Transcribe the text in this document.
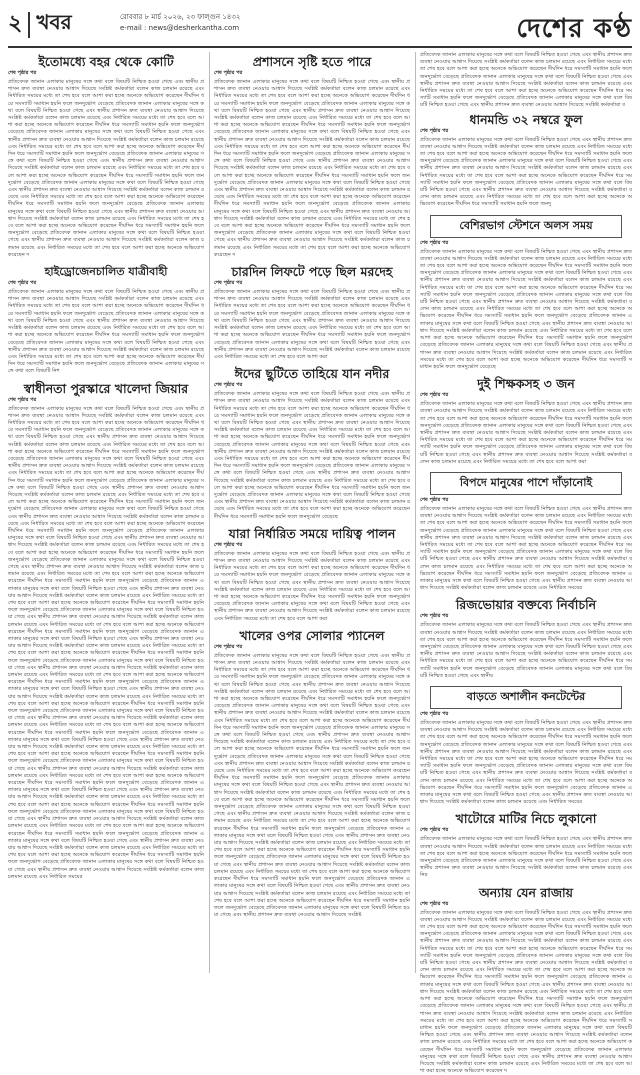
২ খবর	রোববার ৮ মার্চ ২০২৬, ২৩ ফাল্গুন ১৪৩২
e-mail : news@desherkantha.com	দেশের কণ্ঠ
ইতোমধ্যে বহর থেকে কোটি
শেষ পৃষ্ঠার পর
প্রতিবেদক জানান এলাকার মানুষের সঙ্গে কথা বলে বিষয়টি নিশ্চিত হওয়া গেছে এবং স্থানীয় প্রশাসন দ্রুত ব্যবস্থা নেওয়ার আশ্বাস দিয়েছে সংশ্লিষ্ট কর্মকর্তারা বলেন কাজ চলমান রয়েছে এবং নির্ধারিত সময়ের মধ্যে তা শেষ হবে বলে আশা করা হচ্ছে অনেকে অভিযোগ করেছেন দীর্ঘদিন ধরে সমস্যাটি সমাধান হয়নি ফলে জনদুর্ভোগ বেড়েছে প্রতিবেদক জানান এলাকার মানুষের সঙ্গে কথা বলে বিষয়টি নিশ্চিত হওয়া গেছে এবং স্থানীয় প্রশাসন দ্রুত ব্যবস্থা নেওয়ার আশ্বাস দিয়েছে সংশ্লিষ্ট কর্মকর্তারা বলেন কাজ চলমান রয়েছে এবং নির্ধারিত সময়ের মধ্যে তা শেষ হবে বলে আশা করা হচ্ছে অনেকে অভিযোগ করেছেন দীর্ঘদিন ধরে সমস্যাটি সমাধান হয়নি ফলে জনদুর্ভোগ বেড়েছে প্রতিবেদক জানান এলাকার মানুষের সঙ্গে কথা বলে বিষয়টি নিশ্চিত হওয়া গেছে এবং স্থানীয় প্রশাসন দ্রুত ব্যবস্থা নেওয়ার আশ্বাস দিয়েছে সংশ্লিষ্ট কর্মকর্তারা বলেন কাজ চলমান রয়েছে এবং নির্ধারিত সময়ের মধ্যে তা শেষ হবে বলে আশা করা হচ্ছে অনেকে অভিযোগ করেছেন দীর্ঘদিন ধরে সমস্যাটি সমাধান হয়নি ফলে জনদুর্ভোগ বেড়েছে প্রতিবেদক জানান এলাকার মানুষের সঙ্গে কথা বলে বিষয়টি নিশ্চিত হওয়া গেছে এবং স্থানীয় প্রশাসন দ্রুত ব্যবস্থা নেওয়ার আশ্বাস দিয়েছে সংশ্লিষ্ট কর্মকর্তারা বলেন কাজ চলমান রয়েছে এবং নির্ধারিত সময়ের মধ্যে তা শেষ হবে বলে আশা করা হচ্ছে অনেকে অভিযোগ করেছেন দীর্ঘদিন ধরে সমস্যাটি সমাধান হয়নি ফলে জনদুর্ভোগ বেড়েছে প্রতিবেদক জানান এলাকার মানুষের সঙ্গে কথা বলে বিষয়টি নিশ্চিত হওয়া গেছে এবং স্থানীয় প্রশাসন দ্রুত ব্যবস্থা নেওয়ার আশ্বাস দিয়েছে সংশ্লিষ্ট কর্মকর্তারা বলেন কাজ চলমান রয়েছে এবং নির্ধারিত সময়ের মধ্যে তা শেষ হবে বলে আশা করা হচ্ছে অনেকে অভিযোগ করেছেন দীর্ঘদিন ধরে সমস্যাটি সমাধান হয়নি ফলে জনদুর্ভোগ বেড়েছে প্রতিবেদক জানান এলাকার মানুষের সঙ্গে কথা বলে বিষয়টি নিশ্চিত হওয়া গেছে এবং স্থানীয় প্রশাসন দ্রুত ব্যবস্থা নেওয়ার আশ্বাস দিয়েছে সংশ্লিষ্ট কর্মকর্তারা বলেন কাজ চলমান রয়েছে এবং নির্ধারিত সময়ের মধ্যে তা শেষ হবে বলে আশা করা হচ্ছে অনেকে অভিযোগ করেছেন দীর্ঘদিন ধরে সমস্যাটি সমাধান হয়নি ফলে জনদুর্ভোগ বেড়েছে প্রতিবেদক জানান এলাকার মানুষের সঙ্গে কথা বলে বিষয়টি নিশ্চিত হওয়া গেছে এবং স্থানীয় প্রশাসন দ্রুত ব্যবস্থা নেওয়ার আশ্বাস দিয়েছে সংশ্লিষ্ট কর্মকর্তারা বলেন কাজ চলমান রয়েছে এবং নির্ধারিত সময়ের মধ্যে তা শেষ হবে বলে আশা করা হচ্ছে অনেকে অভিযোগ করেছেন দ
হাইড্রোজেনচালিত যাত্রীবাহী
শেষ পৃষ্ঠার পর
প্রতিবেদক জানান এলাকার মানুষের সঙ্গে কথা বলে বিষয়টি নিশ্চিত হওয়া গেছে এবং স্থানীয় প্রশাসন দ্রুত ব্যবস্থা নেওয়ার আশ্বাস দিয়েছে সংশ্লিষ্ট কর্মকর্তারা বলেন কাজ চলমান রয়েছে এবং নির্ধারিত সময়ের মধ্যে তা শেষ হবে বলে আশা করা হচ্ছে অনেকে অভিযোগ করেছেন দীর্ঘদিন ধরে সমস্যাটি সমাধান হয়নি ফলে জনদুর্ভোগ বেড়েছে প্রতিবেদক জানান এলাকার মানুষের সঙ্গে কথা বলে বিষয়টি নিশ্চিত হওয়া গেছে এবং স্থানীয় প্রশাসন দ্রুত ব্যবস্থা নেওয়ার আশ্বাস দিয়েছে সংশ্লিষ্ট কর্মকর্তারা বলেন কাজ চলমান রয়েছে এবং নির্ধারিত সময়ের মধ্যে তা শেষ হবে বলে আশা করা হচ্ছে অনেকে অভিযোগ করেছেন দীর্ঘদিন ধরে সমস্যাটি সমাধান হয়নি ফলে জনদুর্ভোগ বেড়েছে প্রতিবেদক জানান এলাকার মানুষের সঙ্গে কথা বলে বিষয়টি নিশ্চিত হওয়া গেছে এবং স্থানীয় প্রশাসন দ্রুত ব্যবস্থা নেওয়ার আশ্বাস দিয়েছে সংশ্লিষ্ট কর্মকর্তারা বলেন কাজ চলমান রয়েছে এবং নির্ধারিত সময়ের মধ্যে তা শেষ হবে বলে আশা করা হচ্ছে অনেকে অভিযোগ করেছেন দীর্ঘদিন ধরে সমস্যাটি সমাধান হয়নি ফলে জনদুর্ভোগ বেড়েছে প্রতিবেদক জানান এলাকার মানুষের সঙ্গে কথা বলে বিষয়টি নিশ
স্বাধীনতা পুরস্কারে খালেদা জিয়ার
শেষ পৃষ্ঠার পর
প্রতিবেদক জানান এলাকার মানুষের সঙ্গে কথা বলে বিষয়টি নিশ্চিত হওয়া গেছে এবং স্থানীয় প্রশাসন দ্রুত ব্যবস্থা নেওয়ার আশ্বাস দিয়েছে সংশ্লিষ্ট কর্মকর্তারা বলেন কাজ চলমান রয়েছে এবং নির্ধারিত সময়ের মধ্যে তা শেষ হবে বলে আশা করা হচ্ছে অনেকে অভিযোগ করেছেন দীর্ঘদিন ধরে সমস্যাটি সমাধান হয়নি ফলে জনদুর্ভোগ বেড়েছে প্রতিবেদক জানান এলাকার মানুষের সঙ্গে কথা বলে বিষয়টি নিশ্চিত হওয়া গেছে এবং স্থানীয় প্রশাসন দ্রুত ব্যবস্থা নেওয়ার আশ্বাস দিয়েছে সংশ্লিষ্ট কর্মকর্তারা বলেন কাজ চলমান রয়েছে এবং নির্ধারিত সময়ের মধ্যে তা শেষ হবে বলে আশা করা হচ্ছে অনেকে অভিযোগ করেছেন দীর্ঘদিন ধরে সমস্যাটি সমাধান হয়নি ফলে জনদুর্ভোগ বেড়েছে প্রতিবেদক জানান এলাকার মানুষের সঙ্গে কথা বলে বিষয়টি নিশ্চিত হওয়া গেছে এবং স্থানীয় প্রশাসন দ্রুত ব্যবস্থা নেওয়ার আশ্বাস দিয়েছে সংশ্লিষ্ট কর্মকর্তারা বলেন কাজ চলমান রয়েছে এবং নির্ধারিত সময়ের মধ্যে তা শেষ হবে বলে আশা করা হচ্ছে অনেকে অভিযোগ করেছেন দীর্ঘদিন ধরে সমস্যাটি সমাধান হয়নি ফলে জনদুর্ভোগ বেড়েছে প্রতিবেদক জানান এলাকার মানুষের সঙ্গে কথা বলে বিষয়টি নিশ্চিত হওয়া গেছে এবং স্থানীয় প্রশাসন দ্রুত ব্যবস্থা নেওয়ার আশ্বাস দিয়েছে সংশ্লিষ্ট কর্মকর্তারা বলেন কাজ চলমান রয়েছে এবং নির্ধারিত সময়ের মধ্যে তা শেষ হবে বলে আশা করা হচ্ছে অনেকে অভিযোগ করেছেন দীর্ঘদিন ধরে সমস্যাটি সমাধান হয়নি ফলে জনদুর্ভোগ বেড়েছে প্রতিবেদক জানান এলাকার মানুষের সঙ্গে কথা বলে বিষয়টি নিশ্চিত হওয়া গেছে এবং স্থানীয় প্রশাসন দ্রুত ব্যবস্থা নেওয়ার আশ্বাস দিয়েছে সংশ্লিষ্ট কর্মকর্তারা বলেন কাজ চলমান রয়েছে এবং নির্ধারিত সময়ের মধ্যে তা শেষ হবে বলে আশা করা হচ্ছে অনেকে অভিযোগ করেছেন দীর্ঘদিন ধরে সমস্যাটি সমাধান হয়নি ফলে জনদুর্ভোগ বেড়েছে প্রতিবেদক জানান এলাকার মানুষের সঙ্গে কথা বলে বিষয়টি নিশ্চিত হওয়া গেছে এবং স্থানীয় প্রশাসন দ্রুত ব্যবস্থা নেওয়ার আশ্বাস দিয়েছে সংশ্লিষ্ট কর্মকর্তারা বলেন কাজ চলমান রয়েছে এবং নির্ধারিত সময়ের মধ্যে তা শেষ হবে বলে আশা করা হচ্ছে অনেকে অভিযোগ করেছেন দীর্ঘদিন ধরে সমস্যাটি সমাধান হয়নি ফলে জনদুর্ভোগ বেড়েছে প্রতিবেদক জানান এলাকার মানুষের সঙ্গে কথা বলে বিষয়টি নিশ্চিত হওয়া গেছে এবং স্থানীয় প্রশাসন দ্রুত ব্যবস্থা নেওয়ার আশ্বাস দিয়েছে সংশ্লিষ্ট কর্মকর্তারা বলেন কাজ চলমান রয়েছে এবং নির্ধারিত সময়ের মধ্যে তা শেষ হবে বলে আশা করা হচ্ছে অনেকে অভিযোগ করেছেন দীর্ঘদিন ধরে সমস্যাটি সমাধান হয়নি ফলে জনদুর্ভোগ বেড়েছে প্রতিবেদক জানান এলাকার মানুষের সঙ্গে কথা বলে বিষয়টি নিশ্চিত হওয়া গেছে এবং স্থানীয় প্রশাসন দ্রুত ব্যবস্থা নেওয়ার আশ্বাস দিয়েছে সংশ্লিষ্ট কর্মকর্তারা বলেন কাজ চলমান রয়েছে এবং নির্ধারিত সময়ের মধ্যে তা শেষ হবে বলে আশা করা হচ্ছে অনেকে অভিযোগ করেছেন দীর্ঘদিন ধরে সমস্যাটি সমাধান হয়নি ফলে জনদুর্ভোগ বেড়েছে প্রতিবেদক জানান এলাকার মানুষের সঙ্গে কথা বলে বিষয়টি নিশ্চিত হওয়া গেছে এবং স্থানীয় প্রশাসন দ্রুত ব্যবস্থা নেওয়ার আশ্বাস দিয়েছে সংশ্লিষ্ট কর্মকর্তারা বলেন কাজ চলমান রয়েছে এবং নির্ধারিত সময়ের মধ্যে তা শেষ হবে বলে আশা করা হচ্ছে অনেকে অভিযোগ করেছেন দীর্ঘদিন ধরে সমস্যাটি সমাধান হয়নি ফলে জনদুর্ভোগ বেড়েছে প্রতিবেদক জানান এলাকার মানুষের সঙ্গে কথা বলে বিষয়টি নিশ্চিত হওয়া গেছে এবং স্থানীয় প্রশাসন দ্রুত ব্যবস্থা নেওয়ার আশ্বাস দিয়েছে সংশ্লিষ্ট কর্মকর্তারা বলেন কাজ চলমান রয়েছে এবং নির্ধারিত সময়ের মধ্যে তা শেষ হবে বলে আশা করা হচ্ছে অনেকে অভিযোগ করেছেন দীর্ঘদিন ধরে সমস্যাটি সমাধান হয়নি ফলে জনদুর্ভোগ বেড়েছে প্রতিবেদক জানান এলাকার মানুষের সঙ্গে কথা বলে বিষয়টি নিশ্চিত হওয়া গেছে এবং স্থানীয় প্রশাসন দ্রুত ব্যবস্থা নেওয়ার আশ্বাস দিয়েছে সংশ্লিষ্ট কর্মকর্তারা বলেন কাজ চলমান রয়েছে এবং নির্ধারিত সময়ের মধ্যে তা শেষ হবে বলে আশা করা হচ্ছে অনেকে অভিযোগ করেছেন দীর্ঘদিন ধরে সমস্যাটি সমাধান হয়নি ফলে জনদুর্ভোগ বেড়েছে প্রতিবেদক জানান এলাকার মানুষের সঙ্গে কথা বলে বিষয়টি নিশ্চিত হওয়া গেছে এবং স্থানীয় প্রশাসন দ্রুত ব্যবস্থা নেওয়ার আশ্বাস দিয়েছে সংশ্লিষ্ট কর্মকর্তারা বলেন কাজ চলমান রয়েছে এবং নির্ধারিত সময়ের মধ্যে তা শেষ হবে বলে আশা করা হচ্ছে অনেকে অভিযোগ করেছেন দীর্ঘদিন ধরে সমস্যাটি সমাধান হয়নি ফলে জনদুর্ভোগ বেড়েছে প্রতিবেদক জানান এলাকার মানুষের সঙ্গে কথা বলে বিষয়টি নিশ্চিত হওয়া গেছে এবং স্থানীয় প্রশাসন দ্রুত ব্যবস্থা নেওয়ার আশ্বাস দিয়েছে সংশ্লিষ্ট কর্মকর্তারা বলেন কাজ চলমান রয়েছে এবং নির্ধারিত সময়ের মধ্যে তা শেষ হবে বলে আশা করা হচ্ছে অনেকে অভিযোগ করেছেন দীর্ঘদিন ধরে সমস্যাটি সমাধান হয়নি ফলে জনদুর্ভোগ বেড়েছে প্রতিবেদক জানান এলাকার মানুষের সঙ্গে কথা বলে বিষয়টি নিশ্চিত হওয়া গেছে এবং স্থানীয় প্রশাসন দ্রুত ব্যবস্থা নেওয়ার আশ্বাস দিয়েছে সংশ্লিষ্ট কর্মকর্তারা বলেন কাজ চলমান রয়েছে এবং নির্ধারিত সময়ের মধ্যে তা শেষ হবে বলে আশা করা হচ্ছে অনেকে অভিযোগ করেছেন দীর্ঘদিন ধরে সমস্যাটি সমাধান হয়নি ফলে জনদুর্ভোগ বেড়েছে প্রতিবেদক জানান এলাকার মানুষের সঙ্গে কথা বলে বিষয়টি নিশ্চিত হওয়া গেছে এবং স্থানীয় প্রশাসন দ্রুত ব্যবস্থা নেওয়ার আশ্বাস দিয়েছে সংশ্লিষ্ট কর্মকর্তারা বলেন কাজ চলমান রয়েছে এবং নির্ধারিত সময়ের মধ্যে তা শেষ হবে বলে আশা করা হচ্ছে অনেকে অভিযোগ করেছেন দীর্ঘদিন ধরে সমস্যাটি সমাধান হয়নি ফলে জনদুর্ভোগ বেড়েছে প্রতিবেদক জানান এলাকার মানুষের সঙ্গে কথা বলে বিষয়টি নিশ্চিত হওয়া গেছে এবং স্থানীয় প্রশাসন দ্রুত ব্যবস্থা নেওয়ার আশ্বাস দিয়েছে সংশ্লিষ্ট কর্মকর্তারা বলেন কাজ চলমান রয়েছে এবং নির্ধারিত সময়ের মধ্যে তা শেষ হবে বলে আশা করা হচ্ছে অনেকে অভিযোগ করেছেন দীর্ঘদিন ধরে সমস্যাটি সমাধান হয়নি ফলে জনদুর্ভোগ বেড়েছে প্রতিবেদক জানান এলাকার মানুষের সঙ্গে কথা বলে বিষয়টি নিশ্চিত হওয়া গেছে এবং স্থানীয় প্রশাসন দ্রুত ব্যবস্থা নেওয়ার আশ্বাস দিয়েছে সংশ্লিষ্ট কর্মকর্তারা বলেন কাজ চলমান রয়েছে এবং নির্ধারিত সময়ের মধ্যে তা শেষ হবে বলে আশা করা হচ্ছে অনেকে অভিযোগ করেছেন দীর্ঘদিন ধরে সমস্যাটি সমাধান হয়নি ফলে জনদুর্ভোগ বেড়েছে প্রতিবেদক জানান এলাকার মানুষের সঙ্গে কথা বলে বিষয়টি নিশ্চিত হওয়া গেছে এবং স্থানীয় প্রশাসন দ্রুত ব্যবস্থা নেওয়ার আশ্বাস দিয়েছে সংশ্লিষ্ট কর্মকর্তারা বলেন কাজ চলমান রয়েছে এবং নির্ধারিত সময়ের মধ্যে তা শেষ হবে বলে আশা করা হচ্ছে অনেকে অভিযোগ করেছেন দীর্ঘদিন ধরে সমস্যাটি সমাধান হয়নি ফলে জনদুর্ভোগ বেড়েছে প্রতিবেদক জানান এলাকার মানুষের সঙ্গে কথা বলে বিষয়টি নিশ্চিত হওয়া গেছে এবং স্থানীয় প্রশাসন দ্রুত ব্যবস্থা নেওয়ার আশ্বাস দিয়েছে সংশ্লিষ্ট কর্মকর্তারা বলেন কাজ চলমান রয়েছে এবং নির্ধারিত সময়ের
প্রশাসনে সৃষ্টি হতে পারে
শেষ পৃষ্ঠার পর
প্রতিবেদক জানান এলাকার মানুষের সঙ্গে কথা বলে বিষয়টি নিশ্চিত হওয়া গেছে এবং স্থানীয় প্রশাসন দ্রুত ব্যবস্থা নেওয়ার আশ্বাস দিয়েছে সংশ্লিষ্ট কর্মকর্তারা বলেন কাজ চলমান রয়েছে এবং নির্ধারিত সময়ের মধ্যে তা শেষ হবে বলে আশা করা হচ্ছে অনেকে অভিযোগ করেছেন দীর্ঘদিন ধরে সমস্যাটি সমাধান হয়নি ফলে জনদুর্ভোগ বেড়েছে প্রতিবেদক জানান এলাকার মানুষের সঙ্গে কথা বলে বিষয়টি নিশ্চিত হওয়া গেছে এবং স্থানীয় প্রশাসন দ্রুত ব্যবস্থা নেওয়ার আশ্বাস দিয়েছে সংশ্লিষ্ট কর্মকর্তারা বলেন কাজ চলমান রয়েছে এবং নির্ধারিত সময়ের মধ্যে তা শেষ হবে বলে আশা করা হচ্ছে অনেকে অভিযোগ করেছেন দীর্ঘদিন ধরে সমস্যাটি সমাধান হয়নি ফলে জনদুর্ভোগ বেড়েছে প্রতিবেদক জানান এলাকার মানুষের সঙ্গে কথা বলে বিষয়টি নিশ্চিত হওয়া গেছে এবং স্থানীয় প্রশাসন দ্রুত ব্যবস্থা নেওয়ার আশ্বাস দিয়েছে সংশ্লিষ্ট কর্মকর্তারা বলেন কাজ চলমান রয়েছে এবং নির্ধারিত সময়ের মধ্যে তা শেষ হবে বলে আশা করা হচ্ছে অনেকে অভিযোগ করেছেন দীর্ঘদিন ধরে সমস্যাটি সমাধান হয়নি ফলে জনদুর্ভোগ বেড়েছে প্রতিবেদক জানান এলাকার মানুষের সঙ্গে কথা বলে বিষয়টি নিশ্চিত হওয়া গেছে এবং স্থানীয় প্রশাসন দ্রুত ব্যবস্থা নেওয়ার আশ্বাস দিয়েছে সংশ্লিষ্ট কর্মকর্তারা বলেন কাজ চলমান রয়েছে এবং নির্ধারিত সময়ের মধ্যে তা শেষ হবে বলে আশা করা হচ্ছে অনেকে অভিযোগ করেছেন দীর্ঘদিন ধরে সমস্যাটি সমাধান হয়নি ফলে জনদুর্ভোগ বেড়েছে প্রতিবেদক জানান এলাকার মানুষের সঙ্গে কথা বলে বিষয়টি নিশ্চিত হওয়া গেছে এবং স্থানীয় প্রশাসন দ্রুত ব্যবস্থা নেওয়ার আশ্বাস দিয়েছে সংশ্লিষ্ট কর্মকর্তারা বলেন কাজ চলমান রয়েছে এবং নির্ধারিত সময়ের মধ্যে তা শেষ হবে বলে আশা করা হচ্ছে অনেকে অভিযোগ করেছেন দীর্ঘদিন ধরে সমস্যাটি সমাধান হয়নি ফলে জনদুর্ভোগ বেড়েছে প্রতিবেদক জানান এলাকার মানুষের সঙ্গে কথা বলে বিষয়টি নিশ্চিত হওয়া গেছে এবং স্থানীয় প্রশাসন দ্রুত ব্যবস্থা নেওয়ার আশ্বাস দিয়েছে সংশ্লিষ্ট কর্মকর্তারা বলেন কাজ চলমান রয়েছে এবং নির্ধারিত সময়ের মধ্যে তা শেষ হবে বলে আশা করা হচ্ছে অনেকে অভিযোগ করেছেন দীর্ঘদিন ধরে সমস্যাটি সমাধান হয়নি ফলে জনদুর্ভোগ বেড়েছে প্রতিবেদক জানান এলাকার মানুষের সঙ্গে কথা বলে বিষয়টি নিশ্চিত হওয়া গেছে এবং স্থানীয় প্রশাসন দ্রুত ব্যবস্থা নেওয়ার আশ্বাস দিয়েছে সংশ্লিষ্ট কর্মকর্তারা বলেন কাজ চলমান রয়েছে এবং নির্ধারিত সময়ের মধ্যে তা শেষ হবে বলে আশা করা হচ্ছে অনেকে অভিযোগ করেছেন দ
চারদিন লিফটে পড়ে ছিল মরদেহ
শেষ পৃষ্ঠার পর
প্রতিবেদক জানান এলাকার মানুষের সঙ্গে কথা বলে বিষয়টি নিশ্চিত হওয়া গেছে এবং স্থানীয় প্রশাসন দ্রুত ব্যবস্থা নেওয়ার আশ্বাস দিয়েছে সংশ্লিষ্ট কর্মকর্তারা বলেন কাজ চলমান রয়েছে এবং নির্ধারিত সময়ের মধ্যে তা শেষ হবে বলে আশা করা হচ্ছে অনেকে অভিযোগ করেছেন দীর্ঘদিন ধরে সমস্যাটি সমাধান হয়নি ফলে জনদুর্ভোগ বেড়েছে প্রতিবেদক জানান এলাকার মানুষের সঙ্গে কথা বলে বিষয়টি নিশ্চিত হওয়া গেছে এবং স্থানীয় প্রশাসন দ্রুত ব্যবস্থা নেওয়ার আশ্বাস দিয়েছে সংশ্লিষ্ট কর্মকর্তারা বলেন কাজ চলমান রয়েছে এবং নির্ধারিত সময়ের মধ্যে তা শেষ হবে বলে আশা করা হচ্ছে অনেকে অভিযোগ করেছেন দীর্ঘদিন ধরে সমস্যাটি সমাধান হয়নি ফলে জনদুর্ভোগ বেড়েছে প্রতিবেদক জানান এলাকার মানুষের সঙ্গে কথা বলে বিষয়টি নিশ্চিত হওয়া গেছে এবং স্থানীয় প্রশাসন দ্রুত ব্যবস্থা নেওয়ার আশ্বাস দিয়েছে সংশ্লিষ্ট কর্মকর্তারা বলেন কাজ চলমান রয়েছে এবং নির্ধারিত সময়ের মধ্যে তা শেষ হবে বলে আশা করা
ঈদের ছুটিতে তাহিয়ে যান নদীর
শেষ পৃষ্ঠার পর
প্রতিবেদক জানান এলাকার মানুষের সঙ্গে কথা বলে বিষয়টি নিশ্চিত হওয়া গেছে এবং স্থানীয় প্রশাসন দ্রুত ব্যবস্থা নেওয়ার আশ্বাস দিয়েছে সংশ্লিষ্ট কর্মকর্তারা বলেন কাজ চলমান রয়েছে এবং নির্ধারিত সময়ের মধ্যে তা শেষ হবে বলে আশা করা হচ্ছে অনেকে অভিযোগ করেছেন দীর্ঘদিন ধরে সমস্যাটি সমাধান হয়নি ফলে জনদুর্ভোগ বেড়েছে প্রতিবেদক জানান এলাকার মানুষের সঙ্গে কথা বলে বিষয়টি নিশ্চিত হওয়া গেছে এবং স্থানীয় প্রশাসন দ্রুত ব্যবস্থা নেওয়ার আশ্বাস দিয়েছে সংশ্লিষ্ট কর্মকর্তারা বলেন কাজ চলমান রয়েছে এবং নির্ধারিত সময়ের মধ্যে তা শেষ হবে বলে আশা করা হচ্ছে অনেকে অভিযোগ করেছেন দীর্ঘদিন ধরে সমস্যাটি সমাধান হয়নি ফলে জনদুর্ভোগ বেড়েছে প্রতিবেদক জানান এলাকার মানুষের সঙ্গে কথা বলে বিষয়টি নিশ্চিত হওয়া গেছে এবং স্থানীয় প্রশাসন দ্রুত ব্যবস্থা নেওয়ার আশ্বাস দিয়েছে সংশ্লিষ্ট কর্মকর্তারা বলেন কাজ চলমান রয়েছে এবং নির্ধারিত সময়ের মধ্যে তা শেষ হবে বলে আশা করা হচ্ছে অনেকে অভিযোগ করেছেন দীর্ঘদিন ধরে সমস্যাটি সমাধান হয়নি ফলে জনদুর্ভোগ বেড়েছে প্রতিবেদক জানান এলাকার মানুষের সঙ্গে কথা বলে বিষয়টি নিশ্চিত হওয়া গেছে এবং স্থানীয় প্রশাসন দ্রুত ব্যবস্থা নেওয়ার আশ্বাস দিয়েছে সংশ্লিষ্ট কর্মকর্তারা বলেন কাজ চলমান রয়েছে এবং নির্ধারিত সময়ের মধ্যে তা শেষ হবে বলে আশা করা হচ্ছে অনেকে অভিযোগ করেছেন দীর্ঘদিন ধরে সমস্যাটি সমাধান হয়নি ফলে জনদুর্ভোগ বেড়েছে প্রতিবেদক জানান এলাকার মানুষের সঙ্গে কথা বলে বিষয়টি নিশ্চিত হওয়া গেছে এবং স্থানীয় প্রশাসন দ্রুত ব্যবস্থা নেওয়ার আশ্বাস দিয়েছে সংশ্লিষ্ট কর্মকর্তারা বলেন কাজ চলমান রয়েছে এবং নির্ধারিত সময়ের মধ্যে তা শেষ হবে বলে আশা করা হচ্ছে অনেকে অভিযোগ করেছেন দীর্ঘদিন ধরে সমস্যাটি সমাধান হয়নি ফলে জনদুর্ভোগ বেড়েছে
যারা নির্ধারিত সময়ে দায়িত্ব পালন
শেষ পৃষ্ঠার পর
প্রতিবেদক জানান এলাকার মানুষের সঙ্গে কথা বলে বিষয়টি নিশ্চিত হওয়া গেছে এবং স্থানীয় প্রশাসন দ্রুত ব্যবস্থা নেওয়ার আশ্বাস দিয়েছে সংশ্লিষ্ট কর্মকর্তারা বলেন কাজ চলমান রয়েছে এবং নির্ধারিত সময়ের মধ্যে তা শেষ হবে বলে আশা করা হচ্ছে অনেকে অভিযোগ করেছেন দীর্ঘদিন ধরে সমস্যাটি সমাধান হয়নি ফলে জনদুর্ভোগ বেড়েছে প্রতিবেদক জানান এলাকার মানুষের সঙ্গে কথা বলে বিষয়টি নিশ্চিত হওয়া গেছে এবং স্থানীয় প্রশাসন দ্রুত ব্যবস্থা নেওয়ার আশ্বাস দিয়েছে সংশ্লিষ্ট কর্মকর্তারা বলেন কাজ চলমান রয়েছে এবং নির্ধারিত সময়ের মধ্যে তা শেষ হবে বলে আশা করা হচ্ছে অনেকে অভিযোগ করেছেন দীর্ঘদিন ধরে সমস্যাটি সমাধান হয়নি ফলে জনদুর্ভোগ বেড়েছে প্রতিবেদক জানান এলাকার মানুষের সঙ্গে কথা বলে বিষয়টি নিশ্চিত হওয়া গেছে এবং স্থানীয় প্রশাসন দ্রুত ব্যবস্থা নেওয়ার আশ্বাস দিয়েছে সংশ্লিষ্ট কর্মকর্তারা বলেন কাজ চলমান রয়েছে এবং নির্ধারিত সময়ের মধ্যে তা শেষ হবে বলে আশা করা
খালের ওপর সোলার প্যানেল
শেষ পৃষ্ঠার পর
প্রতিবেদক জানান এলাকার মানুষের সঙ্গে কথা বলে বিষয়টি নিশ্চিত হওয়া গেছে এবং স্থানীয় প্রশাসন দ্রুত ব্যবস্থা নেওয়ার আশ্বাস দিয়েছে সংশ্লিষ্ট কর্মকর্তারা বলেন কাজ চলমান রয়েছে এবং নির্ধারিত সময়ের মধ্যে তা শেষ হবে বলে আশা করা হচ্ছে অনেকে অভিযোগ করেছেন দীর্ঘদিন ধরে সমস্যাটি সমাধান হয়নি ফলে জনদুর্ভোগ বেড়েছে প্রতিবেদক জানান এলাকার মানুষের সঙ্গে কথা বলে বিষয়টি নিশ্চিত হওয়া গেছে এবং স্থানীয় প্রশাসন দ্রুত ব্যবস্থা নেওয়ার আশ্বাস দিয়েছে সংশ্লিষ্ট কর্মকর্তারা বলেন কাজ চলমান রয়েছে এবং নির্ধারিত সময়ের মধ্যে তা শেষ হবে বলে আশা করা হচ্ছে অনেকে অভিযোগ করেছেন দীর্ঘদিন ধরে সমস্যাটি সমাধান হয়নি ফলে জনদুর্ভোগ বেড়েছে প্রতিবেদক জানান এলাকার মানুষের সঙ্গে কথা বলে বিষয়টি নিশ্চিত হওয়া গেছে এবং স্থানীয় প্রশাসন দ্রুত ব্যবস্থা নেওয়ার আশ্বাস দিয়েছে সংশ্লিষ্ট কর্মকর্তারা বলেন কাজ চলমান রয়েছে এবং নির্ধারিত সময়ের মধ্যে তা শেষ হবে বলে আশা করা হচ্ছে অনেকে অভিযোগ করেছেন দীর্ঘদিন ধরে সমস্যাটি সমাধান হয়নি ফলে জনদুর্ভোগ বেড়েছে প্রতিবেদক জানান এলাকার মানুষের সঙ্গে কথা বলে বিষয়টি নিশ্চিত হওয়া গেছে এবং স্থানীয় প্রশাসন দ্রুত ব্যবস্থা নেওয়ার আশ্বাস দিয়েছে সংশ্লিষ্ট কর্মকর্তারা বলেন কাজ চলমান রয়েছে এবং নির্ধারিত সময়ের মধ্যে তা শেষ হবে বলে আশা করা হচ্ছে অনেকে অভিযোগ করেছেন দীর্ঘদিন ধরে সমস্যাটি সমাধান হয়নি ফলে জনদুর্ভোগ বেড়েছে প্রতিবেদক জানান এলাকার মানুষের সঙ্গে কথা বলে বিষয়টি নিশ্চিত হওয়া গেছে এবং স্থানীয় প্রশাসন দ্রুত ব্যবস্থা নেওয়ার আশ্বাস দিয়েছে সংশ্লিষ্ট কর্মকর্তারা বলেন কাজ চলমান রয়েছে এবং নির্ধারিত সময়ের মধ্যে তা শেষ হবে বলে আশা করা হচ্ছে অনেকে অভিযোগ করেছেন দীর্ঘদিন ধরে সমস্যাটি সমাধান হয়নি ফলে জনদুর্ভোগ বেড়েছে প্রতিবেদক জানান এলাকার মানুষের সঙ্গে কথা বলে বিষয়টি নিশ্চিত হওয়া গেছে এবং স্থানীয় প্রশাসন দ্রুত ব্যবস্থা নেওয়ার আশ্বাস দিয়েছে সংশ্লিষ্ট কর্মকর্তারা বলেন কাজ চলমান রয়েছে এবং নির্ধারিত সময়ের মধ্যে তা শেষ হবে বলে আশা করা হচ্ছে অনেকে অভিযোগ করেছেন দীর্ঘদিন ধরে সমস্যাটি সমাধান হয়নি ফলে জনদুর্ভোগ বেড়েছে প্রতিবেদক জানান এলাকার মানুষের সঙ্গে কথা বলে বিষয়টি নিশ্চিত হওয়া গেছে এবং স্থানীয় প্রশাসন দ্রুত ব্যবস্থা নেওয়ার আশ্বাস দিয়েছে সংশ্লিষ্ট কর্মকর্তারা বলেন কাজ চলমান রয়েছে এবং নির্ধারিত সময়ের মধ্যে তা শেষ হবে বলে আশা করা হচ্ছে অনেকে অভিযোগ করেছেন দীর্ঘদিন ধরে সমস্যাটি সমাধান হয়নি ফলে জনদুর্ভোগ বেড়েছে প্রতিবেদক জানান এলাকার মানুষের সঙ্গে কথা বলে বিষয়টি নিশ্চিত হওয়া গেছে এবং স্থানীয় প্রশাসন দ্রুত ব্যবস্থা নেওয়ার আশ্বাস দিয়েছে সংশ্লিষ্ট কর্মকর্তারা বলেন কাজ চলমান রয়েছে এবং নির্ধারিত সময়ের মধ্যে তা শেষ হবে বলে আশা করা হচ্ছে অনেকে অভিযোগ করেছেন দীর্ঘদিন ধরে সমস্যাটি সমাধান হয়নি ফলে জনদুর্ভোগ বেড়েছে প্রতিবেদক জানান এলাকার মানুষের সঙ্গে কথা বলে বিষয়টি নিশ্চিত হওয়া গেছে এবং স্থানীয় প্রশাসন দ্রুত ব্যবস্থা নেওয়ার আশ্বাস দিয়েছে সংশ্লিষ্ট কর্মকর্তারা বলেন কাজ চলমান রয়েছে এবং নির্ধারিত সময়ের মধ্যে তা শেষ হবে বলে আশা করা হচ্ছে অনেকে অভিযোগ করেছেন দীর্ঘদিন ধরে সমস্যাটি সমাধান হয়নি ফলে জনদুর্ভোগ বেড়েছে প্রতিবেদক জানান এলাকার মানুষের সঙ্গে কথা বলে বিষয়টি নিশ্চিত হওয়া গেছে এবং স্থানীয় প্রশাসন দ্রুত ব্যবস্থা নেওয়ার আশ্বাস দিয়েছে সংশ্লিষ্ট কর্মকর্তারা বলেন কাজ চলমান রয়েছে এবং নির্ধারিত সময়ের মধ্যে তা শেষ হবে বলে আশা করা হচ্ছে অনেকে অভিযোগ করেছেন দীর্ঘদিন ধরে সমস্যাটি সমাধান হয়নি ফলে জনদুর্ভোগ বেড়েছে প্রতিবেদক জানান এলাকার মানুষের সঙ্গে কথা বলে বিষয়টি নিশ্চিত হওয়া গেছে এবং স্থানীয় প্রশাসন দ্রুত ব্যবস্থা নেওয়ার আশ্বাস দিয়েছে সংশ্লিষ্ট
প্রতিবেদক জানান এলাকার মানুষের সঙ্গে কথা বলে বিষয়টি নিশ্চিত হওয়া গেছে এবং স্থানীয় প্রশাসন দ্রুত ব্যবস্থা নেওয়ার আশ্বাস দিয়েছে সংশ্লিষ্ট কর্মকর্তারা বলেন কাজ চলমান রয়েছে এবং নির্ধারিত সময়ের মধ্যে তা শেষ হবে বলে আশা করা হচ্ছে অনেকে অভিযোগ করেছেন দীর্ঘদিন ধরে সমস্যাটি সমাধান হয়নি ফলে জনদুর্ভোগ বেড়েছে প্রতিবেদক জানান এলাকার মানুষের সঙ্গে কথা বলে বিষয়টি নিশ্চিত হওয়া গেছে এবং স্থানীয় প্রশাসন দ্রুত ব্যবস্থা নেওয়ার আশ্বাস দিয়েছে সংশ্লিষ্ট কর্মকর্তারা বলেন কাজ চলমান রয়েছে এবং নির্ধারিত সময়ের মধ্যে তা শেষ হবে বলে আশা করা হচ্ছে অনেকে অভিযোগ করেছেন দীর্ঘদিন ধরে সমস্যাটি সমাধান হয়নি ফলে জনদুর্ভোগ বেড়েছে প্রতিবেদক জানান এলাকার মানুষের সঙ্গে কথা বলে বিষয়টি নিশ্চিত হওয়া গেছে এবং স্থানীয় প্রশাসন দ্রুত ব্যবস্থা নেওয়ার আশ্বাস দিয়েছে সংশ্লিষ্ট কর্মকর্তারা ব
ধানমন্ডি ৩২ নম্বরে ফুল
শেষ পৃষ্ঠার পর
প্রতিবেদক জানান এলাকার মানুষের সঙ্গে কথা বলে বিষয়টি নিশ্চিত হওয়া গেছে এবং স্থানীয় প্রশাসন দ্রুত ব্যবস্থা নেওয়ার আশ্বাস দিয়েছে সংশ্লিষ্ট কর্মকর্তারা বলেন কাজ চলমান রয়েছে এবং নির্ধারিত সময়ের মধ্যে তা শেষ হবে বলে আশা করা হচ্ছে অনেকে অভিযোগ করেছেন দীর্ঘদিন ধরে সমস্যাটি সমাধান হয়নি ফলে জনদুর্ভোগ বেড়েছে প্রতিবেদক জানান এলাকার মানুষের সঙ্গে কথা বলে বিষয়টি নিশ্চিত হওয়া গেছে এবং স্থানীয় প্রশাসন দ্রুত ব্যবস্থা নেওয়ার আশ্বাস দিয়েছে সংশ্লিষ্ট কর্মকর্তারা বলেন কাজ চলমান রয়েছে এবং নির্ধারিত সময়ের মধ্যে তা শেষ হবে বলে আশা করা হচ্ছে অনেকে অভিযোগ করেছেন দীর্ঘদিন ধরে সমস্যাটি সমাধান হয়নি ফলে জনদুর্ভোগ বেড়েছে প্রতিবেদক জানান এলাকার মানুষের সঙ্গে কথা বলে বিষয়টি নিশ্চিত হওয়া গেছে এবং স্থানীয় প্রশাসন দ্রুত ব্যবস্থা নেওয়ার আশ্বাস দিয়েছে সংশ্লিষ্ট কর্মকর্তারা বলেন কাজ চলমান রয়েছে এবং নির্ধারিত সময়ের মধ্যে তা শেষ হবে বলে আশা করা হচ্ছে অনেকে অভিযোগ করেছেন দীর্ঘদিন ধরে সমস্যাটি সমাধান হয়নি ফলে জনদু
বেশিরভাগ স্টেশনে অলস সময়
শেষ পৃষ্ঠার পর
প্রতিবেদক জানান এলাকার মানুষের সঙ্গে কথা বলে বিষয়টি নিশ্চিত হওয়া গেছে এবং স্থানীয় প্রশাসন দ্রুত ব্যবস্থা নেওয়ার আশ্বাস দিয়েছে সংশ্লিষ্ট কর্মকর্তারা বলেন কাজ চলমান রয়েছে এবং নির্ধারিত সময়ের মধ্যে তা শেষ হবে বলে আশা করা হচ্ছে অনেকে অভিযোগ করেছেন দীর্ঘদিন ধরে সমস্যাটি সমাধান হয়নি ফলে জনদুর্ভোগ বেড়েছে প্রতিবেদক জানান এলাকার মানুষের সঙ্গে কথা বলে বিষয়টি নিশ্চিত হওয়া গেছে এবং স্থানীয় প্রশাসন দ্রুত ব্যবস্থা নেওয়ার আশ্বাস দিয়েছে সংশ্লিষ্ট কর্মকর্তারা বলেন কাজ চলমান রয়েছে এবং নির্ধারিত সময়ের মধ্যে তা শেষ হবে বলে আশা করা হচ্ছে অনেকে অভিযোগ করেছেন দীর্ঘদিন ধরে সমস্যাটি সমাধান হয়নি ফলে জনদুর্ভোগ বেড়েছে প্রতিবেদক জানান এলাকার মানুষের সঙ্গে কথা বলে বিষয়টি নিশ্চিত হওয়া গেছে এবং স্থানীয় প্রশাসন দ্রুত ব্যবস্থা নেওয়ার আশ্বাস দিয়েছে সংশ্লিষ্ট কর্মকর্তারা বলেন কাজ চলমান রয়েছে এবং নির্ধারিত সময়ের মধ্যে তা শেষ হবে বলে আশা করা হচ্ছে অনেকে অভিযোগ করেছেন দীর্ঘদিন ধরে সমস্যাটি সমাধান হয়নি ফলে জনদুর্ভোগ বেড়েছে প্রতিবেদক জানান এলাকার মানুষের সঙ্গে কথা বলে বিষয়টি নিশ্চিত হওয়া গেছে এবং স্থানীয় প্রশাসন দ্রুত ব্যবস্থা নেওয়ার আশ্বাস দিয়েছে সংশ্লিষ্ট কর্মকর্তারা বলেন কাজ চলমান রয়েছে এবং নির্ধারিত সময়ের মধ্যে তা শেষ হবে বলে আশা করা হচ্ছে অনেকে অভিযোগ করেছেন দীর্ঘদিন ধরে সমস্যাটি সমাধান হয়নি ফলে জনদুর্ভোগ বেড়েছে প্রতিবেদক জানান এলাকার মানুষের সঙ্গে কথা বলে বিষয়টি নিশ্চিত হওয়া গেছে এবং স্থানীয় প্রশাসন দ্রুত ব্যবস্থা নেওয়ার আশ্বাস দিয়েছে সংশ্লিষ্ট কর্মকর্তারা বলেন কাজ চলমান রয়েছে এবং নির্ধারিত সময়ের মধ্যে তা শেষ হবে বলে আশা করা হচ্ছে অনেকে অভিযোগ করেছেন দীর্ঘদিন ধরে সমস্যাটি সমাধান হয়নি ফলে জনদুর্ভোগ বেড়েছে
দুই শিক্ষকসহ ৩ জন
শেষ পৃষ্ঠার পর
প্রতিবেদক জানান এলাকার মানুষের সঙ্গে কথা বলে বিষয়টি নিশ্চিত হওয়া গেছে এবং স্থানীয় প্রশাসন দ্রুত ব্যবস্থা নেওয়ার আশ্বাস দিয়েছে সংশ্লিষ্ট কর্মকর্তারা বলেন কাজ চলমান রয়েছে এবং নির্ধারিত সময়ের মধ্যে তা শেষ হবে বলে আশা করা হচ্ছে অনেকে অভিযোগ করেছেন দীর্ঘদিন ধরে সমস্যাটি সমাধান হয়নি ফলে জনদুর্ভোগ বেড়েছে প্রতিবেদক জানান এলাকার মানুষের সঙ্গে কথা বলে বিষয়টি নিশ্চিত হওয়া গেছে এবং স্থানীয় প্রশাসন দ্রুত ব্যবস্থা নেওয়ার আশ্বাস দিয়েছে সংশ্লিষ্ট কর্মকর্তারা বলেন কাজ চলমান রয়েছে এবং নির্ধারিত সময়ের মধ্যে তা শেষ হবে বলে আশা করা হচ্ছে অনেকে অভিযোগ করেছেন দীর্ঘদিন ধরে সমস্যাটি সমাধান হয়নি ফলে জনদুর্ভোগ বেড়েছে প্রতিবেদক জানান এলাকার মানুষের সঙ্গে কথা বলে বিষয়টি নিশ্চিত হওয়া গেছে এবং স্থানীয় প্রশাসন দ্রুত ব্যবস্থা নেওয়ার আশ্বাস দিয়েছে সংশ্লিষ্ট কর্মকর্তারা বলেন কাজ চলমান রয়েছে এবং নির্ধারিত সময়ের মধ্যে তা শেষ হবে বলে আশা করা
বিপদে মানুষের পাশে দাঁড়ানোই
শেষ পৃষ্ঠার পর
প্রতিবেদক জানান এলাকার মানুষের সঙ্গে কথা বলে বিষয়টি নিশ্চিত হওয়া গেছে এবং স্থানীয় প্রশাসন দ্রুত ব্যবস্থা নেওয়ার আশ্বাস দিয়েছে সংশ্লিষ্ট কর্মকর্তারা বলেন কাজ চলমান রয়েছে এবং নির্ধারিত সময়ের মধ্যে তা শেষ হবে বলে আশা করা হচ্ছে অনেকে অভিযোগ করেছেন দীর্ঘদিন ধরে সমস্যাটি সমাধান হয়নি ফলে জনদুর্ভোগ বেড়েছে প্রতিবেদক জানান এলাকার মানুষের সঙ্গে কথা বলে বিষয়টি নিশ্চিত হওয়া গেছে এবং স্থানীয় প্রশাসন দ্রুত ব্যবস্থা নেওয়ার আশ্বাস দিয়েছে সংশ্লিষ্ট কর্মকর্তারা বলেন কাজ চলমান রয়েছে এবং নির্ধারিত সময়ের মধ্যে তা শেষ হবে বলে আশা করা হচ্ছে অনেকে অভিযোগ করেছেন দীর্ঘদিন ধরে সমস্যাটি সমাধান হয়নি ফলে জনদুর্ভোগ বেড়েছে প্রতিবেদক জানান এলাকার মানুষের সঙ্গে কথা বলে বিষয়টি নিশ্চিত হওয়া গেছে এবং স্থানীয় প্রশাসন দ্রুত ব্যবস্থা নেওয়ার আশ্বাস দিয়েছে সংশ্লিষ্ট কর্মকর্তারা বলেন কাজ চলমান রয়েছে এবং নির্ধারিত সময়ের মধ্যে তা শেষ হবে বলে আশা করা হচ্ছে অনেকে অভিযোগ করেছেন দীর্ঘদিন ধরে সমস্যাটি সমাধান হয়নি ফলে জনদুর্ভোগ বেড়েছে প্রতিবেদক জানান এলাকার মানুষের সঙ্গে কথা বলে বিষয়টি নিশ্চিত হওয়া গেছে এবং স্থানীয় প্রশাসন দ্রুত ব্যবস্থা নেওয়ার আশ্বাস দিয়েছে সংশ্লিষ্ট কর্মকর্তারা বলেন কাজ চলমান রয়েছে এবং নির্ধারিত সময়ের
রিজভোয়ার বক্তব্যে নির্বাচনি
শেষ পৃষ্ঠার পর
প্রতিবেদক জানান এলাকার মানুষের সঙ্গে কথা বলে বিষয়টি নিশ্চিত হওয়া গেছে এবং স্থানীয় প্রশাসন দ্রুত ব্যবস্থা নেওয়ার আশ্বাস দিয়েছে সংশ্লিষ্ট কর্মকর্তারা বলেন কাজ চলমান রয়েছে এবং নির্ধারিত সময়ের মধ্যে তা শেষ হবে বলে আশা করা হচ্ছে অনেকে অভিযোগ করেছেন দীর্ঘদিন ধরে সমস্যাটি সমাধান হয়নি ফলে জনদুর্ভোগ বেড়েছে প্রতিবেদক জানান এলাকার মানুষের সঙ্গে কথা বলে বিষয়টি নিশ্চিত হওয়া গেছে এবং স্থানীয় প্রশাসন দ্রুত ব্যবস্থা নেওয়ার আশ্বাস দিয়েছে সংশ্লিষ্ট কর্মকর্তারা বলেন কাজ চলমান রয়েছে এবং নির্ধারিত সময়ের মধ্যে তা শেষ হবে বলে আশা করা হচ্ছে অনেকে অভিযোগ করেছেন দীর্ঘদিন ধরে সমস্যাটি সমাধান হয়নি ফলে জনদুর্ভোগ বেড়েছে প্রতিবেদক জানান এলাকার মানুষের সঙ্গে কথা বলে বিষয়টি নিশ্চিত হওয়া গেছে এবং স্থানীয়
বাড়তে অশালীন কনটেন্টের
শেষ পৃষ্ঠার পর
প্রতিবেদক জানান এলাকার মানুষের সঙ্গে কথা বলে বিষয়টি নিশ্চিত হওয়া গেছে এবং স্থানীয় প্রশাসন দ্রুত ব্যবস্থা নেওয়ার আশ্বাস দিয়েছে সংশ্লিষ্ট কর্মকর্তারা বলেন কাজ চলমান রয়েছে এবং নির্ধারিত সময়ের মধ্যে তা শেষ হবে বলে আশা করা হচ্ছে অনেকে অভিযোগ করেছেন দীর্ঘদিন ধরে সমস্যাটি সমাধান হয়নি ফলে জনদুর্ভোগ বেড়েছে প্রতিবেদক জানান এলাকার মানুষের সঙ্গে কথা বলে বিষয়টি নিশ্চিত হওয়া গেছে এবং স্থানীয় প্রশাসন দ্রুত ব্যবস্থা নেওয়ার আশ্বাস দিয়েছে সংশ্লিষ্ট কর্মকর্তারা বলেন কাজ চলমান রয়েছে এবং নির্ধারিত সময়ের মধ্যে তা শেষ হবে বলে আশা করা হচ্ছে অনেকে অভিযোগ করেছেন দীর্ঘদিন ধরে সমস্যাটি সমাধান হয়নি ফলে জনদুর্ভোগ বেড়েছে প্রতিবেদক জানান এলাকার মানুষের সঙ্গে কথা বলে বিষয়টি নিশ্চিত হওয়া গেছে এবং স্থানীয় প্রশাসন দ্রুত ব্যবস্থা নেওয়ার আশ্বাস দিয়েছে সংশ্লিষ্ট কর্মকর্তারা বলেন কাজ চলমান রয়েছে এবং নির্ধারিত সময়ের মধ্যে তা শেষ হবে বলে আশা করা হচ্ছে অনেকে অভিযোগ করেছেন দীর্ঘদিন ধরে সমস্যাটি সমাধান হয়নি ফলে জনদুর্ভোগ বেড়েছে প্রতিবেদক জানান এলাকার মানুষের সঙ্গে কথা বলে বিষয়টি নিশ্চিত হওয়া গেছে এবং স্থানীয় প্রশাসন দ্রুত ব্যবস্থা নেওয়ার আশ্বাস দিয়েছে সংশ্লিষ্ট কর্মকর্তারা বলেন কাজ চলমান রয়েছে এবং নির্ধারিত সময়ের
খাটোরে মাটির নিচে লুকানো
শেষ পৃষ্ঠার পর
প্রতিবেদক জানান এলাকার মানুষের সঙ্গে কথা বলে বিষয়টি নিশ্চিত হওয়া গেছে এবং স্থানীয় প্রশাসন দ্রুত ব্যবস্থা নেওয়ার আশ্বাস দিয়েছে সংশ্লিষ্ট কর্মকর্তারা বলেন কাজ চলমান রয়েছে এবং নির্ধারিত সময়ের মধ্যে তা শেষ হবে বলে আশা করা হচ্ছে অনেকে অভিযোগ করেছেন দীর্ঘদিন ধরে সমস্যাটি সমাধান হয়নি ফলে জনদুর্ভোগ বেড়েছে প্রতিবেদক জানান এলাকার মানুষের সঙ্গে কথা বলে বিষয়টি নিশ্চিত হওয়া গেছে এবং স্থানীয় প্রশাসন দ্রুত ব্যবস্থা নেওয়ার আশ্বাস দিয়েছে সংশ্লিষ্ট কর্মকর্তারা বলেন কাজ চলমান রয়েছে এবং নির
অন্যায় যেন রাজায়
শেষ পৃষ্ঠার পর
প্রতিবেদক জানান এলাকার মানুষের সঙ্গে কথা বলে বিষয়টি নিশ্চিত হওয়া গেছে এবং স্থানীয় প্রশাসন দ্রুত ব্যবস্থা নেওয়ার আশ্বাস দিয়েছে সংশ্লিষ্ট কর্মকর্তারা বলেন কাজ চলমান রয়েছে এবং নির্ধারিত সময়ের মধ্যে তা শেষ হবে বলে আশা করা হচ্ছে অনেকে অভিযোগ করেছেন দীর্ঘদিন ধরে সমস্যাটি সমাধান হয়নি ফলে জনদুর্ভোগ বেড়েছে প্রতিবেদক জানান এলাকার মানুষের সঙ্গে কথা বলে বিষয়টি নিশ্চিত হওয়া গেছে এবং স্থানীয় প্রশাসন দ্রুত ব্যবস্থা নেওয়ার আশ্বাস দিয়েছে সংশ্লিষ্ট কর্মকর্তারা বলেন কাজ চলমান রয়েছে এবং নির্ধারিত সময়ের মধ্যে তা শেষ হবে বলে আশা করা হচ্ছে অনেকে অভিযোগ করেছেন দীর্ঘদিন ধরে সমস্যাটি সমাধান হয়নি ফলে জনদুর্ভোগ বেড়েছে প্রতিবেদক জানান এলাকার মানুষের সঙ্গে কথা বলে বিষয়টি নিশ্চিত হওয়া গেছে এবং স্থানীয় প্রশাসন দ্রুত ব্যবস্থা নেওয়ার আশ্বাস দিয়েছে সংশ্লিষ্ট কর্মকর্তারা বলেন কাজ চলমান রয়েছে এবং নির্ধারিত সময়ের মধ্যে তা শেষ হবে বলে আশা করা হচ্ছে অনেকে অভিযোগ করেছেন দীর্ঘদিন ধরে সমস্যাটি সমাধান হয়নি ফলে জনদুর্ভোগ বেড়েছে প্রতিবেদক জানান এলাকার মানুষের সঙ্গে কথা বলে বিষয়টি নিশ্চিত হওয়া গেছে এবং স্থানীয় প্রশাসন দ্রুত ব্যবস্থা নেওয়ার আশ্বাস দিয়েছে সংশ্লিষ্ট কর্মকর্তারা বলেন কাজ চলমান রয়েছে এবং নির্ধারিত সময়ের মধ্যে তা শেষ হবে বলে আশা করা হচ্ছে অনেকে অভিযোগ করেছেন দীর্ঘদিন ধরে সমস্যাটি সমাধান হয়নি ফলে জনদুর্ভোগ বেড়েছে প্রতিবেদক জানান এলাকার মানুষের সঙ্গে কথা বলে বিষয়টি নিশ্চিত হওয়া গেছে এবং স্থানীয় প্রশাসন দ্রুত ব্যবস্থা নেওয়ার আশ্বাস দিয়েছে সংশ্লিষ্ট কর্মকর্তারা বলেন কাজ চলমান রয়েছে এবং নির্ধারিত সময়ের মধ্যে তা শেষ হবে বলে আশা করা হচ্ছে অনেকে অভিযোগ করেছেন দীর্ঘদিন ধরে সমস্যাটি সমাধান হয়নি ফলে জনদুর্ভোগ বেড়েছে প্রতিবেদক জানান এলাকার মানুষের সঙ্গে কথা বলে বিষয়টি নিশ্চিত হওয়া গেছে এবং স্থানীয় প্রশাসন দ্রুত ব্যবস্থা নেওয়ার আশ্বাস দিয়েছে সংশ্লিষ্ট কর্মকর্তারা বলেন কাজ চলমান রয়েছে এবং নির্ধারিত সময়ের মধ্যে তা শেষ হবে বলে আশা করা হচ্ছে অনেকে অভিযোগ করেছেন দীর্ঘদিন ধরে সমস্যাটি সমাধান হয়নি ফলে জনদুর্ভোগ বেড়েছে প্রতিবেদক জানান এলাকার মানুষের সঙ্গে কথা বলে বিষয়টি নিশ্চিত হওয়া গেছে এবং স্থানীয় প্রশাসন দ্রুত ব্যবস্থা নেওয়ার আশ্বাস দিয়েছে সংশ্লিষ্ট কর্মকর্তারা বলেন কাজ চলমান রয়েছে এবং নির্ধারিত সময়ের মধ্যে তা শেষ হবে বলে আশা করা হচ্ছে অনেকে অভিযোগ করেছেন দ
